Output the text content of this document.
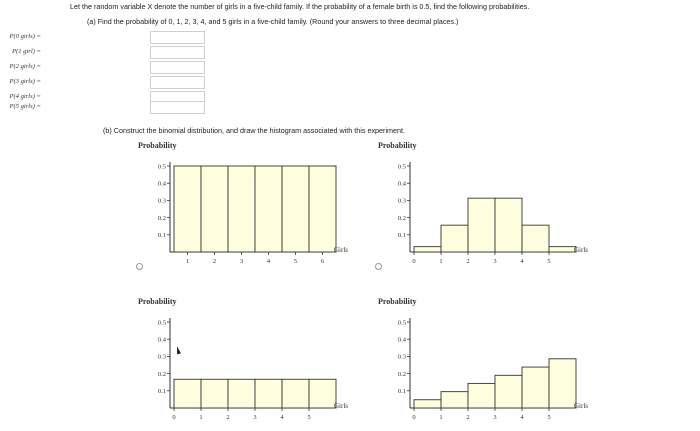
Let the random variable X denote the number of girls in a five-child family. If the probability of a female birth is 0.5, find the following probabilities.
(a) Find the probability of 0, 1, 2, 3, 4, and 5 girls in a five-child family. (Round your answers to three decimal places.)
P(0 girls) =
P(1 girl) =
P(2 girls) =
P(3 girls) =
P(4 girls) =
P(5 girls) =
(b) Construct the binomial distribution, and draw the histogram associated with this experiment.
Probability
0.1
0.2
0.3
0.4
0.5
1	2	3	4	5	6
Girls
Probability
0.1
0.2
0.3
0.4
0.5
0	1	2	3	4	5
Girls
Probability
0.1
0.2
0.3
0.4
0.5
0	1	2	3	4	5
Girls
Probability
0.1
0.2
0.3
0.4
0.5
0	1	2	3	4	5
Girls
